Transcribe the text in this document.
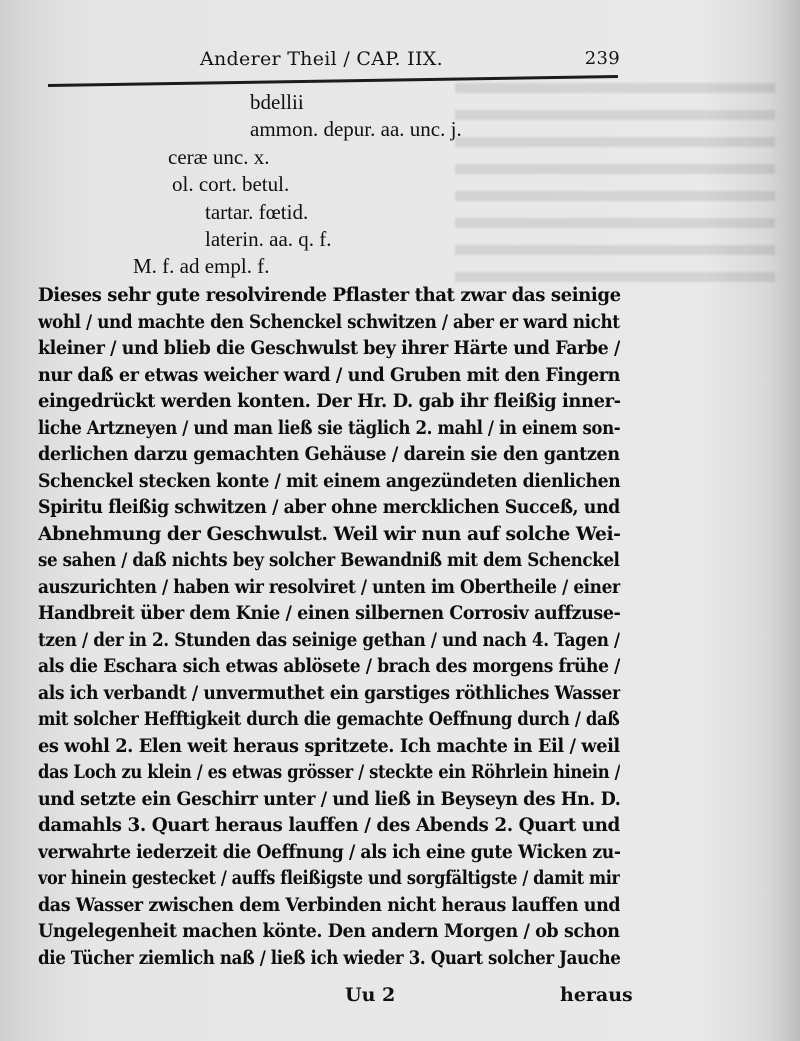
Anderer Theil / CAP. IIX.	239
bdellii
ammon. depur. aa. unc. j.
ceræ unc. x.
ol. cort. betul.
tartar. fœtid.
laterin. aa. q. f.
M. f. ad empl. f.
Dieses sehr gute resolvirende Pflaster that zwar das seinige
wohl / und machte den Schenckel schwitzen / aber er ward nicht
kleiner / und blieb die Geschwulst bey ihrer Härte und Farbe /
nur daß er etwas weicher ward / und Gruben mit den Fingern
eingedrückt werden konten. Der Hr. D. gab ihr fleißig inner-
liche Artzneyen / und man ließ sie täglich 2. mahl / in einem son-
derlichen darzu gemachten Gehäuse / darein sie den gantzen
Schenckel stecken konte / mit einem angezündeten dienlichen
Spiritu fleißig schwitzen / aber ohne mercklichen Succeß, und
Abnehmung der Geschwulst. Weil wir nun auf solche Wei-
se sahen / daß nichts bey solcher Bewandniß mit dem Schenckel
auszurichten / haben wir resolviret / unten im Obertheile / einer
Handbreit über dem Knie / einen silbernen Corrosiv auffzuse-
tzen / der in 2. Stunden das seinige gethan / und nach 4. Tagen /
als die Eschara sich etwas ablösete / brach des morgens frühe /
als ich verbandt / unvermuthet ein garstiges röthliches Wasser
mit solcher Hefftigkeit durch die gemachte Oeffnung durch / daß
es wohl 2. Elen weit heraus spritzete. Ich machte in Eil / weil
das Loch zu klein / es etwas grösser / steckte ein Röhrlein hinein /
und setzte ein Geschirr unter / und ließ in Beyseyn des Hn. D.
damahls 3. Quart heraus lauffen / des Abends 2. Quart und
verwahrte iederzeit die Oeffnung / als ich eine gute Wicken zu-
vor hinein gestecket / auffs fleißigste und sorgfältigste / damit mir
das Wasser zwischen dem Verbinden nicht heraus lauffen und
Ungelegenheit machen könte. Den andern Morgen / ob schon
die Tücher ziemlich naß / ließ ich wieder 3. Quart solcher Jauche
Uu 2	heraus
